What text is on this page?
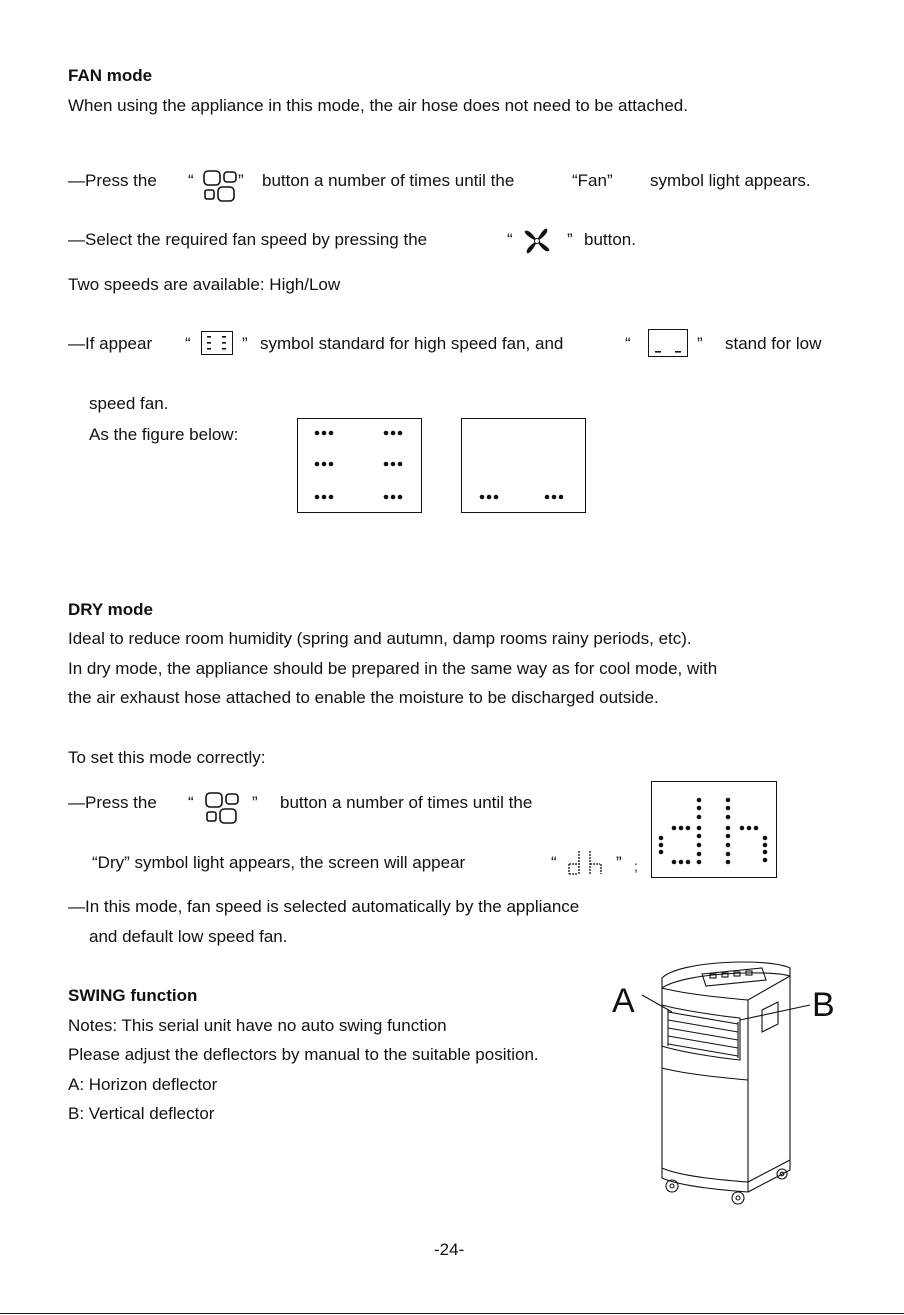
FAN mode
When using the appliance in this mode, the air hose does not need to be attached.
—Press the “	” button a number of times until the	“Fan” symbol light appears.
—Select the required fan speed by pressing the	“	” button.
Two speeds are available: High/Low
—If appear “	” symbol standard for high speed fan, and	“	” stand for low
speed fan.
As the figure below:
DRY mode
Ideal to reduce room humidity (spring and autumn, damp rooms rainy periods, etc).
In dry mode, the appliance should be prepared in the same way as for cool mode, with
the air exhaust hose attached to enable the moisture to be discharged outside.
To set this mode correctly:
—Press the “	” button a number of times until the
“Dry” symbol light appears, the screen will appear	“	” ;
—In this mode, fan speed is selected automatically by the appliance
and default low speed fan.
SWING function
Notes: This serial unit have no auto swing function
Please adjust the deflectors by manual to the suitable position.
A: Horizon deflector
B: Vertical deflector
A	B
-24-
